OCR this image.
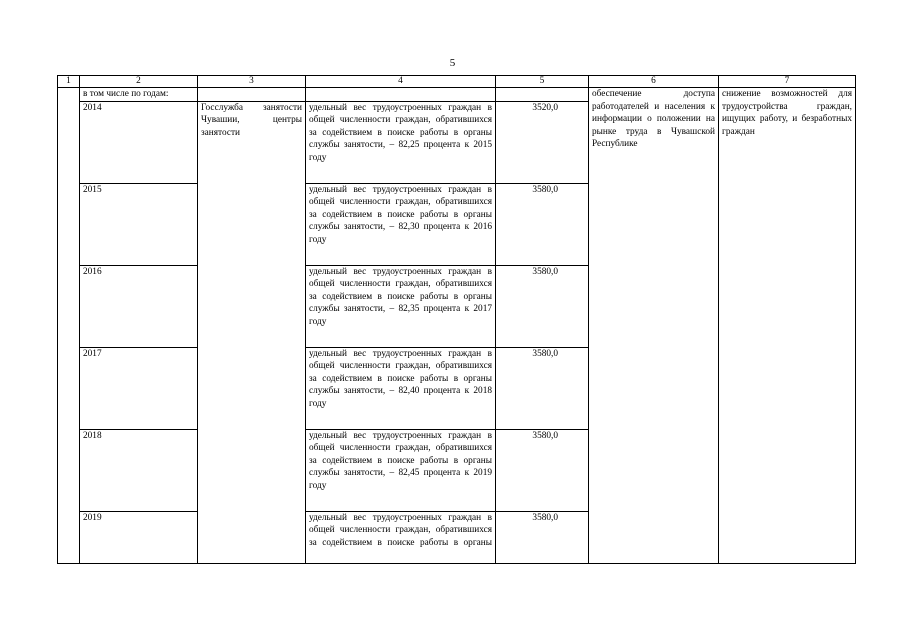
5
1	2	3	4	5	6	7
	в том числе по годам:				обеспечение доступа работодателей и населения к информации о положении на рынке труда в Чувашской Республике	снижение возможностей для трудоустройства граждан, ищущих работу, и безработных граждан
	2014	Госслужба занятости Чувашии, центры занятости	удельный вес трудоустроенных граждан в общей численности граждан, обратившихся за содействием в поиске работы в органы службы занятости, – 82,25 процента к 2015 году	3520,0		
	2015		удельный вес трудоустроенных граждан в общей численности граждан, обратившихся за содействием в поиске работы в органы службы занятости, – 82,30 процента к 2016 году	3580,0		
	2016		удельный вес трудоустроенных граждан в общей численности граждан, обратившихся за содействием в поиске работы в органы службы занятости, – 82,35 процента к 2017 году	3580,0		
	2017		удельный вес трудоустроенных граждан в общей численности граждан, обратившихся за содействием в поиске работы в органы службы занятости, – 82,40 процента к 2018 году	3580,0		
	2018		удельный вес трудоустроенных граждан в общей численности граждан, обратившихся за содействием в поиске работы в органы службы занятости, – 82,45 процента к 2019 году	3580,0		
	2019		удельный вес трудоустроенных граждан в общей численности граждан, обратившихся за содействием в поиске работы в органы	3580,0		
